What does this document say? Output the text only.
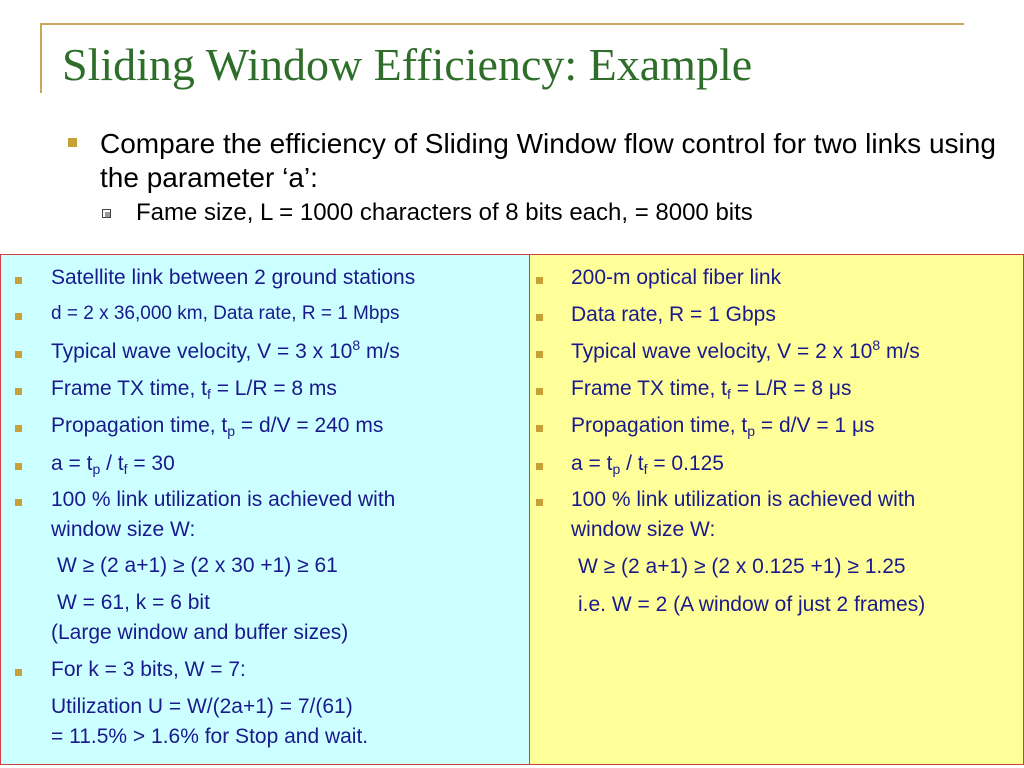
Sliding Window Efficiency: Example
Compare the efficiency of Sliding Window flow control for two links using the parameter ‘a’:
Fame size, L = 1000 characters of 8 bits each, = 8000 bits
Satellite link between 2 ground stations
d = 2 x 36,000 km, Data rate, R = 1 Mbps
Typical wave velocity, V = 3 x $10^8$ m/s
Frame TX time, $t_f = L/R = 8$ ms
Propagation time, $t_p = d/V = 240$ ms
$a = t_p / t_f = 30$
100 % link utilization is achieved with
window size W:
W ≥ (2 a+1) ≥ (2 x 30 +1) ≥ 61
W = 61, k = 6 bit
(Large window and buffer sizes)
For k = 3 bits, W = 7:
Utilization U = W/(2a+1) = 7/(61)
= 11.5% > 1.6% for Stop and wait.
200-m optical fiber link
Data rate, R = 1 Gbps
Typical wave velocity, V = 2 x $10^8$ m/s
Frame TX time, $t_f = L/R = 8$ μs
Propagation time, $t_p = d/V = 1$ μs
$a = t_p / t_f = 0.125$
100 % link utilization is achieved with
window size W:
W ≥ (2 a+1) ≥ (2 x 0.125 +1) ≥ 1.25
i.e. W = 2 (A window of just 2 frames)
